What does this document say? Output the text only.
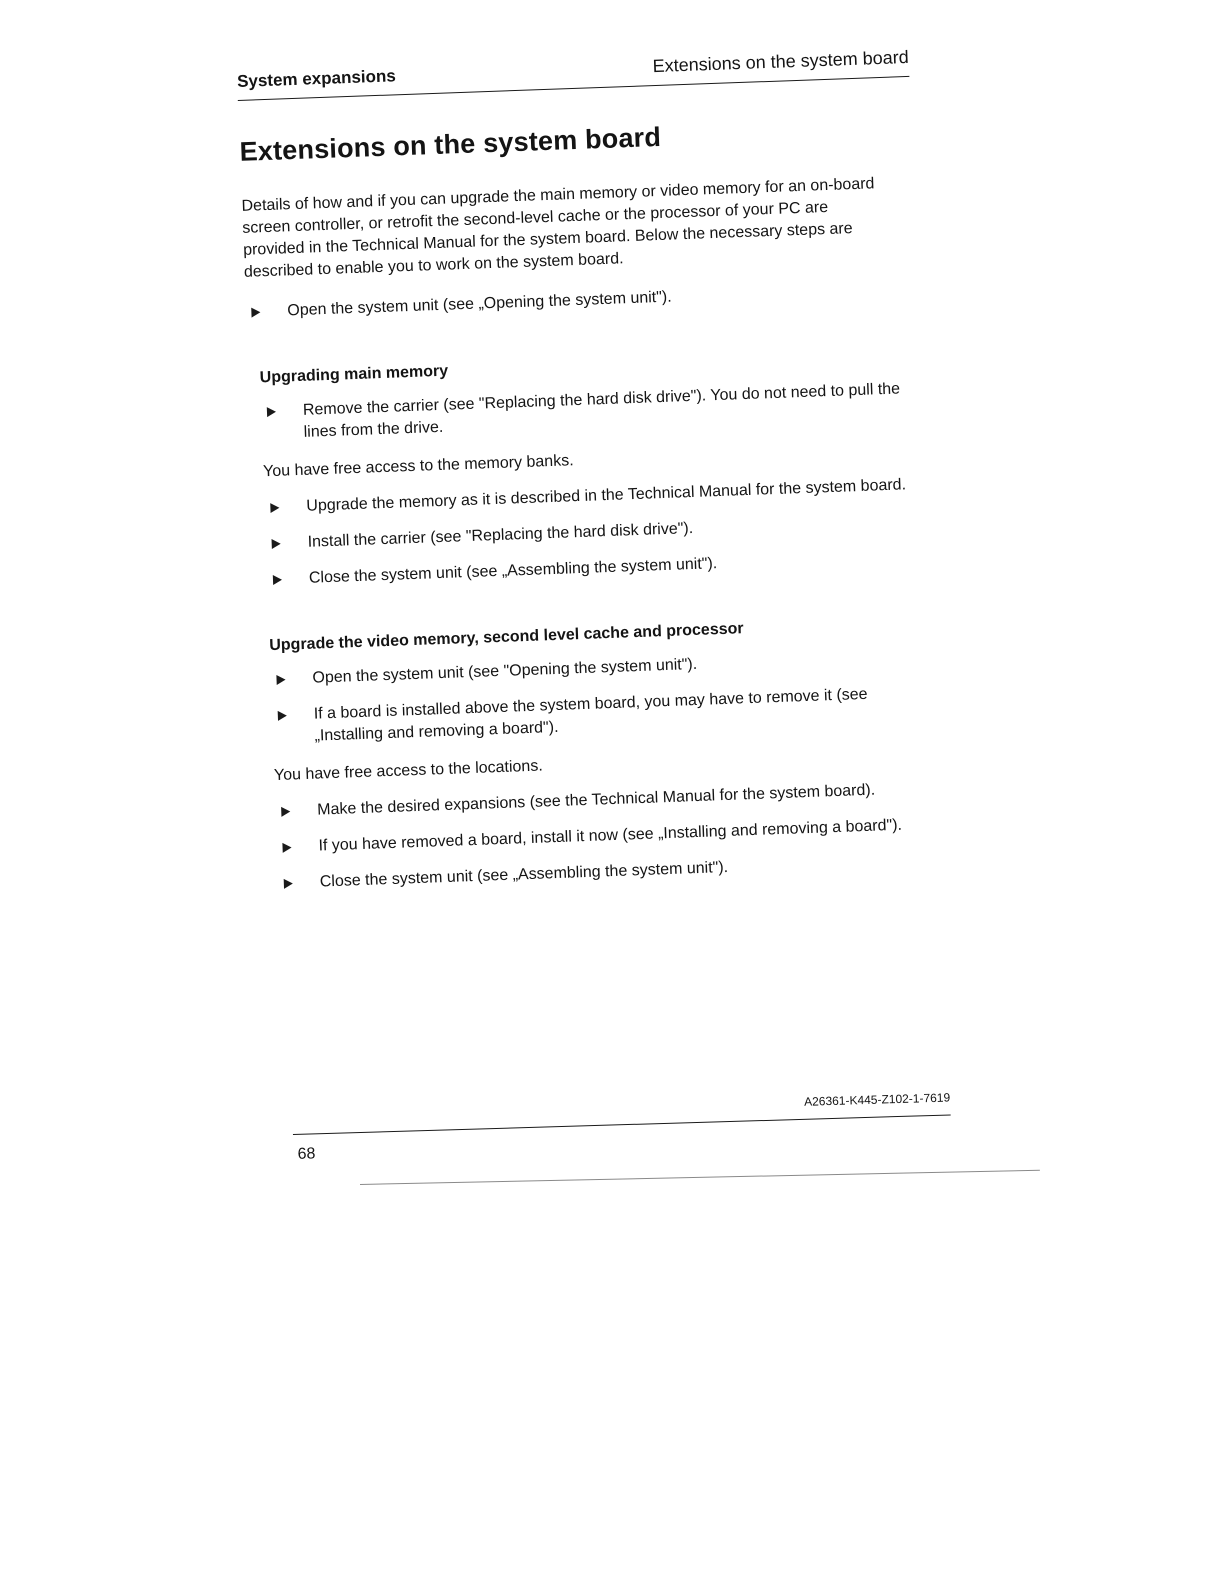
System expansions
Extensions on the system board
Extensions on the system board

Details of how and if you can upgrade the main memory or video memory for an on-board screen controller, or retrofit the second-level cache or the processor of your PC are provided in the Technical Manual for the system board. Below the necessary steps are described to enable you to work on the system board.

Open the system unit (see „Opening the system unit").
Upgrading main memory
Remove the carrier (see "Replacing the hard disk drive"). You do not need to pull the lines from the drive.
You have free access to the memory banks.
Upgrade the memory as it is described in the Technical Manual for the system board.
Install the carrier (see "Replacing the hard disk drive").
Close the system unit (see „Assembling the system unit").
Upgrade the video memory, second level cache and processor
Open the system unit (see "Opening the system unit").
If a board is installed above the system board, you may have to remove it (see „Installing and removing a board").
You have free access to the locations.
Make the desired expansions (see the Technical Manual for the system board).
If you have removed a board, install it now (see „Installing and removing a board").
Close the system unit (see „Assembling the system unit").
A26361-K445-Z102-1-7619
68
